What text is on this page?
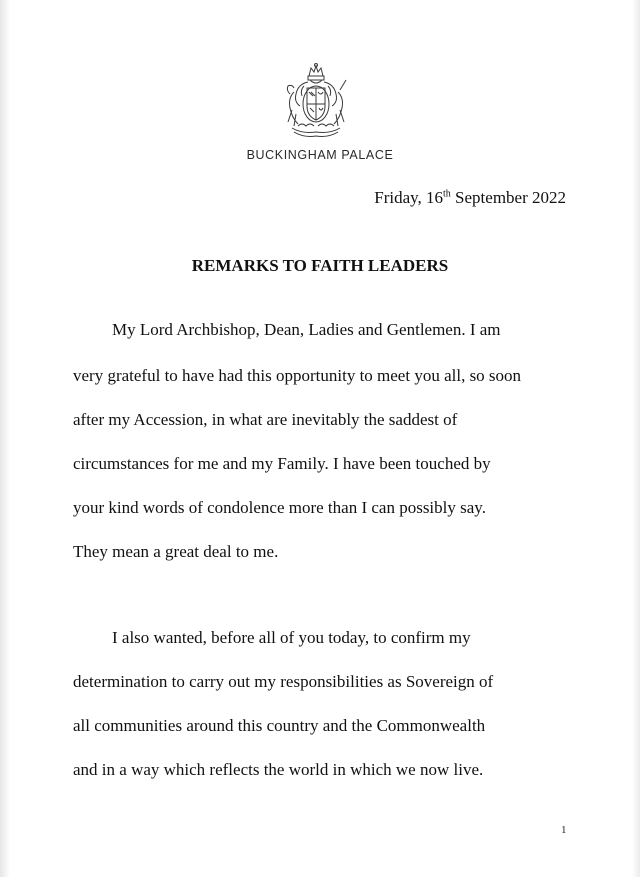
BUCKINGHAM PALACE
Friday, 16th September 2022
REMARKS TO FAITH LEADERS
My Lord Archbishop, Dean, Ladies and Gentlemen. I am
very grateful to have had this opportunity to meet you all, so soon
after my Accession, in what are inevitably the saddest of
circumstances for me and my Family. I have been touched by
your kind words of condolence more than I can possibly say.
They mean a great deal to me.
I also wanted, before all of you today, to confirm my
determination to carry out my responsibilities as Sovereign of
all communities around this country and the Commonwealth
and in a way which reflects the world in which we now live.
1
